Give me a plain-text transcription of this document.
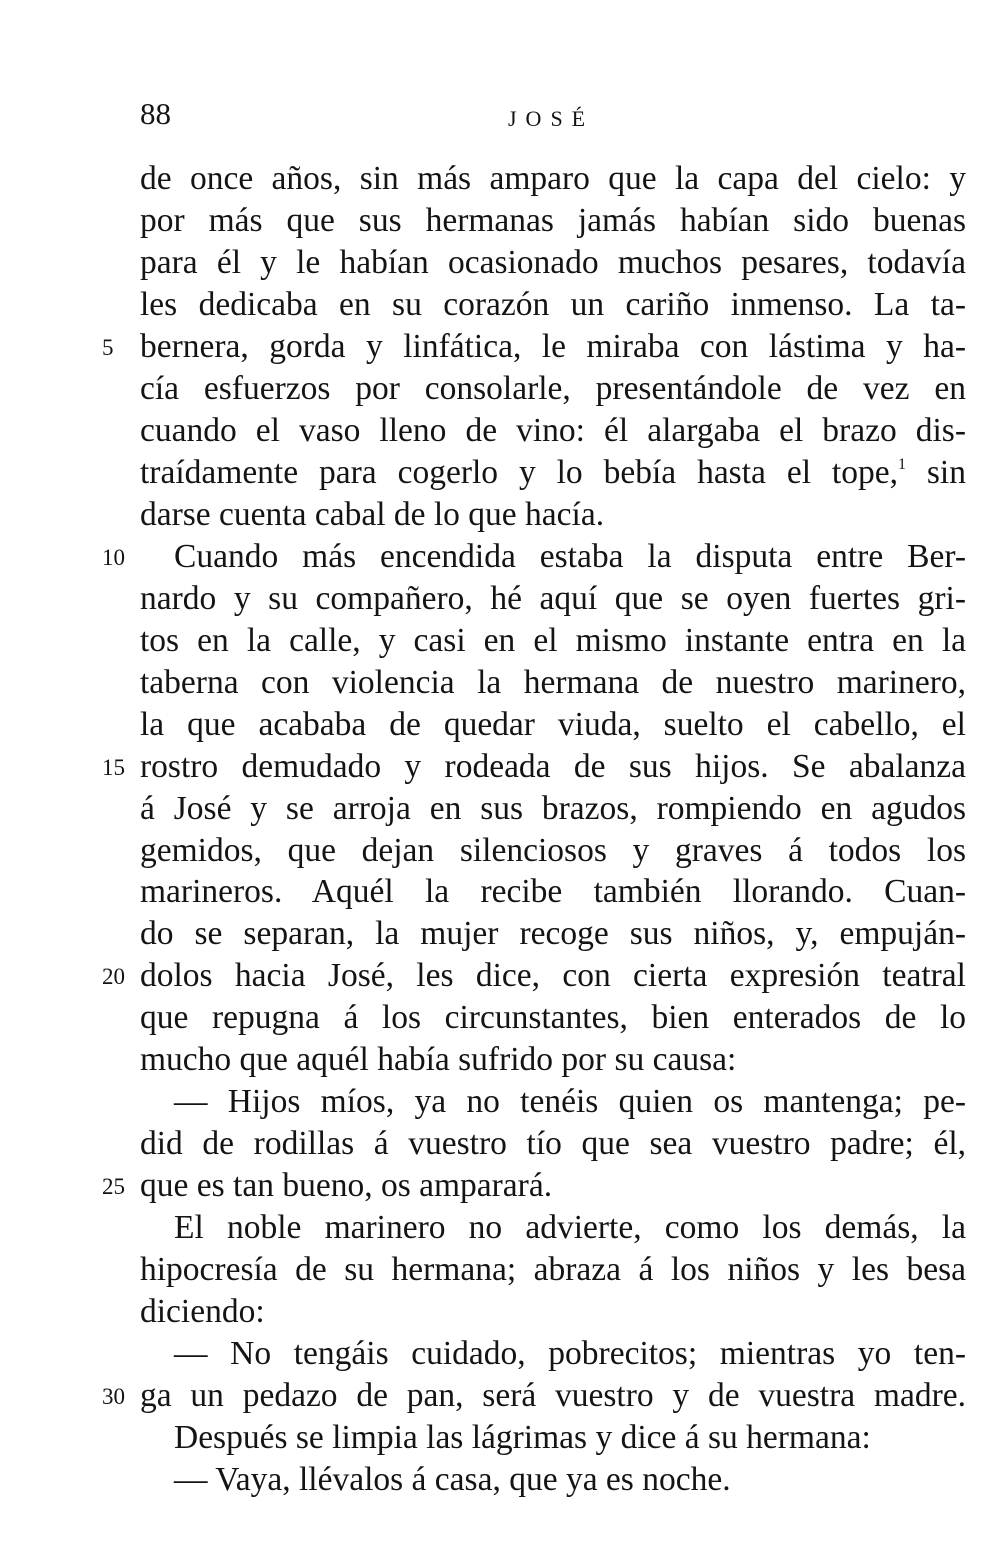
88	JOSÉ
de once años, sin más amparo que la capa del cielo: y
por más que sus hermanas jamás habían sido buenas
para él y le habían ocasionado muchos pesares, todavía
les dedicaba en su corazón un cariño inmenso. La ta-
5 bernera, gorda y linfática, le miraba con lástima y ha-
cía esfuerzos por consolarle, presentándole de vez en
cuando el vaso lleno de vino: él alargaba el brazo dis-
traídamente para cogerlo y lo bebía hasta el tope,$^1$ sin
darse cuenta cabal de lo que hacía.
10 Cuando más encendida estaba la disputa entre Ber-
nardo y su compañero, hé aquí que se oyen fuertes gri-
tos en la calle, y casi en el mismo instante entra en la
taberna con violencia la hermana de nuestro marinero,
la que acababa de quedar viuda, suelto el cabello, el
15 rostro demudado y rodeada de sus hijos. Se abalanza
á José y se arroja en sus brazos, rompiendo en agudos
gemidos, que dejan silenciosos y graves á todos los
marineros. Aquél la recibe también llorando. Cuan-
do se separan, la mujer recoge sus niños, y, empuján-
20 dolos hacia José, les dice, con cierta expresión teatral
que repugna á los circunstantes, bien enterados de lo
mucho que aquél había sufrido por su causa:
— Hijos míos, ya no tenéis quien os mantenga; pe-
did de rodillas á vuestro tío que sea vuestro padre; él,
25 que es tan bueno, os amparará.
El noble marinero no advierte, como los demás, la
hipocresía de su hermana; abraza á los niños y les besa
diciendo:
— No tengáis cuidado, pobrecitos; mientras yo ten-
30 ga un pedazo de pan, será vuestro y de vuestra madre.
Después se limpia las lágrimas y dice á su hermana:
— Vaya, llévalos á casa, que ya es noche.
